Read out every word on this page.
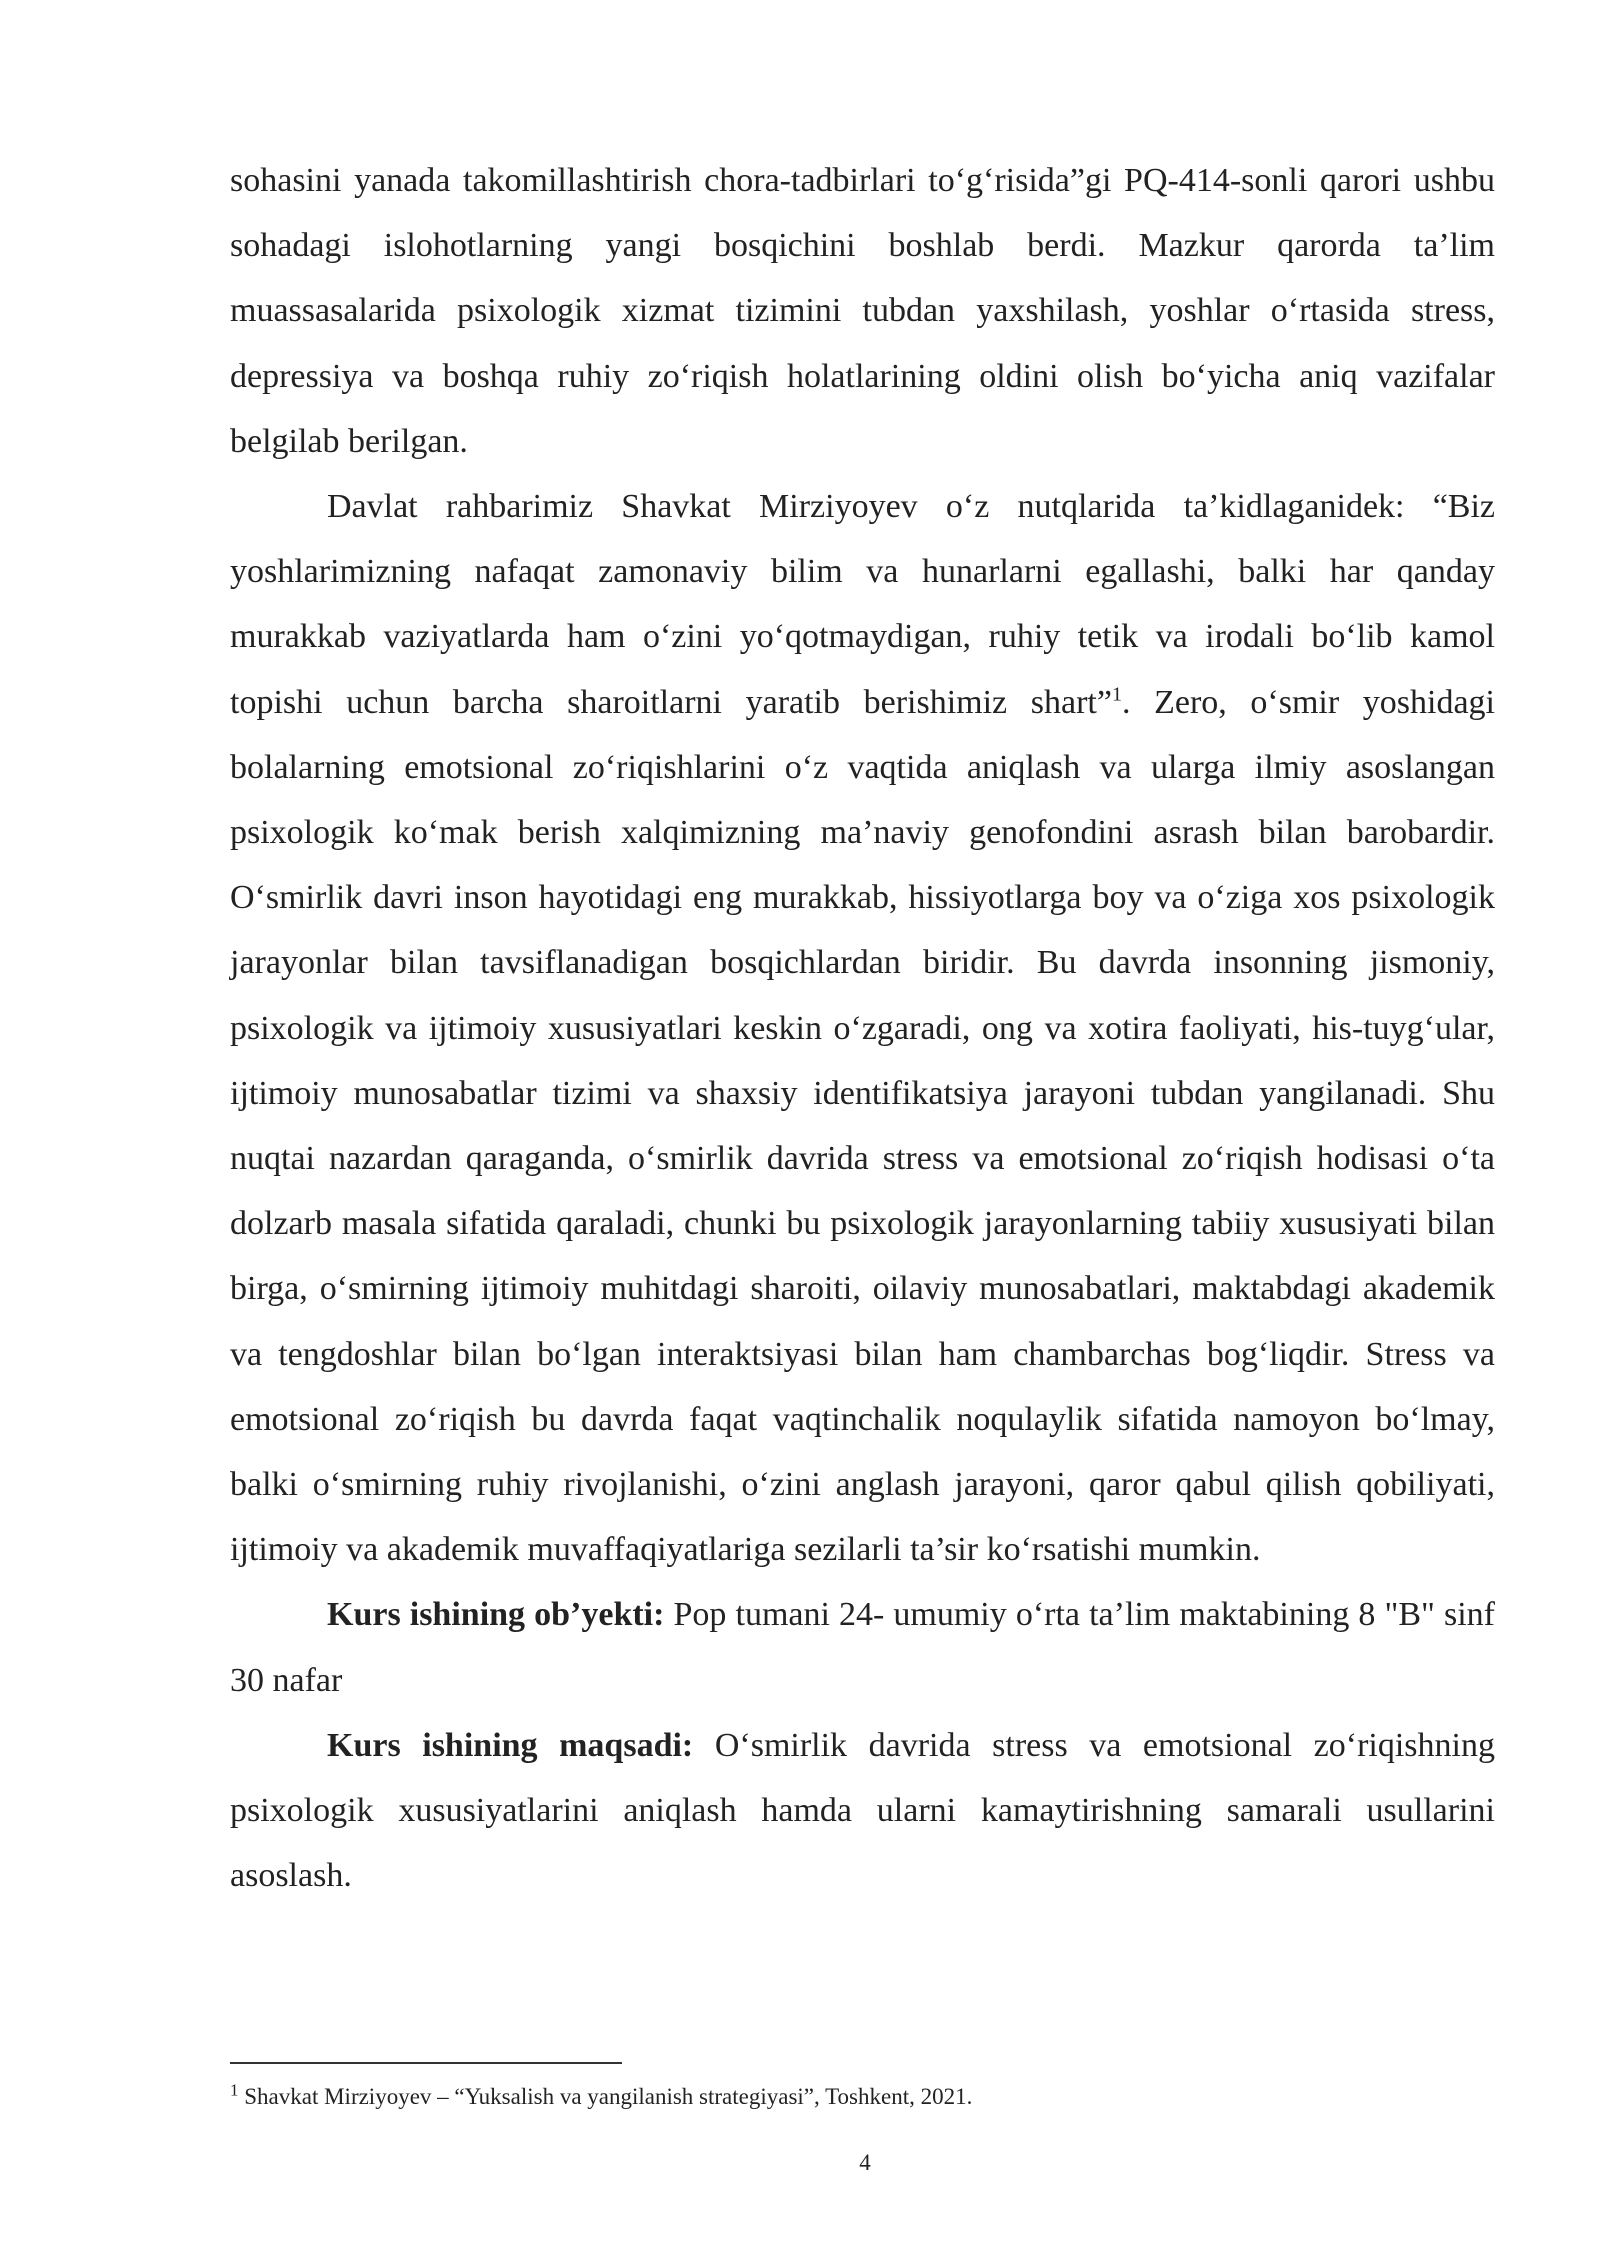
sohasini yanada takomillashtirish chora-tadbirlari to‘g‘risida”gi PQ-414-sonli qarori ushbu sohadagi islohotlarning yangi bosqichini boshlab berdi. Mazkur qarorda ta’lim muassasalarida psixologik xizmat tizimini tubdan yaxshilash, yoshlar o‘rtasida stress, depressiya va boshqa ruhiy zo‘riqish holatlarining oldini olish bo‘yicha aniq vazifalar belgilab berilgan.

Davlat rahbarimiz Shavkat Mirziyoyev o‘z nutqlarida ta’kidlaganidek: “Biz yoshlarimizning nafaqat zamonaviy bilim va hunarlarni egallashi, balki har qanday murakkab vaziyatlarda ham o‘zini yo‘qotmaydigan, ruhiy tetik va irodali bo‘lib kamol topishi uchun barcha sharoitlarni yaratib berishimiz shart”$^1$. Zero, o‘smir yoshidagi bolalarning emotsional zo‘riqishlarini o‘z vaqtida aniqlash va ularga ilmiy asoslangan psixologik ko‘mak berish xalqimizning ma’naviy genofondini asrash bilan barobardir. O‘smirlik davri inson hayotidagi eng murakkab, hissiyotlarga boy va o‘ziga xos psixologik jarayonlar bilan tavsiflanadigan bosqichlardan biridir. Bu davrda insonning jismoniy, psixologik va ijtimoiy xususiyatlari keskin o‘zgaradi, ong va xotira faoliyati, his-tuyg‘ular, ijtimoiy munosabatlar tizimi va shaxsiy identifikatsiya jarayoni tubdan yangilanadi. Shu nuqtai nazardan qaraganda, o‘smirlik davrida stress va emotsional zo‘riqish hodisasi o‘ta dolzarb masala sifatida qaraladi, chunki bu psixologik jarayonlarning tabiiy xususiyati bilan birga, o‘smirning ijtimoiy muhitdagi sharoiti, oilaviy munosabatlari, maktabdagi akademik va tengdoshlar bilan bo‘lgan interaktsiyasi bilan ham chambarchas bog‘liqdir. Stress va emotsional zo‘riqish bu davrda faqat vaqtinchalik noqulaylik sifatida namoyon bo‘lmay, balki o‘smirning ruhiy rivojlanishi, o‘zini anglash jarayoni, qaror qabul qilish qobiliyati, ijtimoiy va akademik muvaffaqiyatlariga sezilarli ta’sir ko‘rsatishi mumkin.

Kurs ishining ob’yekti: Pop tumani 24- umumiy o‘rta ta’lim maktabining 8 "B" sinf 30 nafar

Kurs ishining maqsadi: O‘smirlik davrida stress va emotsional zo‘riqishning psixologik xususiyatlarini aniqlash hamda ularni kamaytirishning samarali usullarini asoslash.

$^1$ Shavkat Mirziyoyev – “Yuksalish va yangilanish strategiyasi”, Toshkent, 2021.

4
